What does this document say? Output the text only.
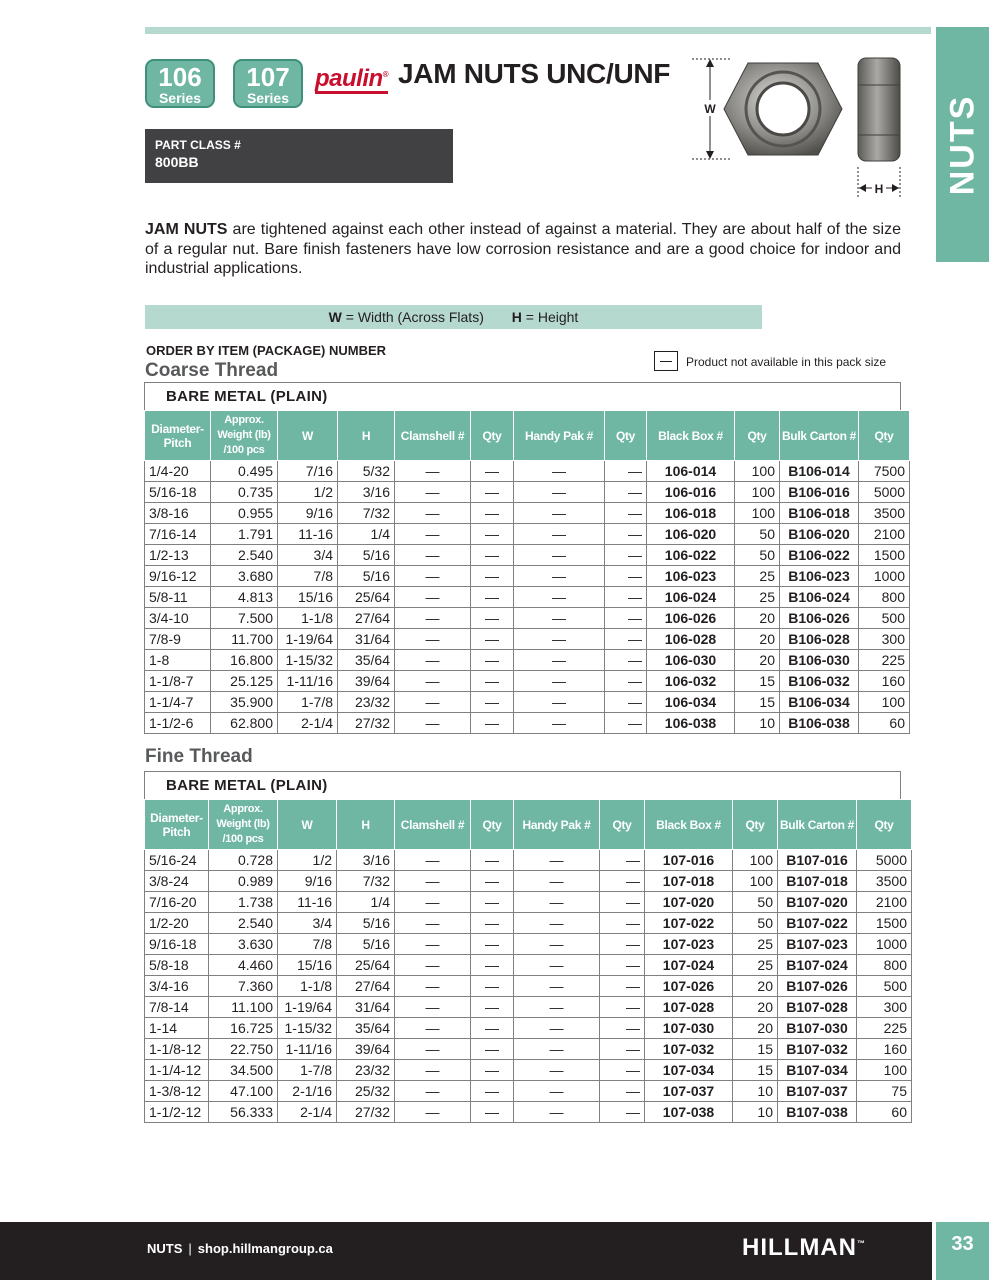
NUTS
106
Series
107
Series
paulin® JAM NUTS UNC/UNF
PART CLASS #
800BB
W
H
JAM NUTS are tightened against each other instead of against a material. They are about half of the size of a regular nut. Bare finish fasteners have low corrosion resistance and are a good choice for indoor and industrial applications.
W = Width (Across Flats) H = Height
ORDER BY ITEM (PACKAGE) NUMBER
Product not available in this pack size
Coarse Thread
BARE METAL (PLAIN)
Diameter-
Pitch	Approx.
Weight (lb)
/100 pcs	W	H	Clamshell #	Qty	Handy Pak #	Qty	Black Box #	Qty	Bulk Carton #	Qty
1/4-20	0.495	7/16	5/32	—	—	—	—	106-014	100	B106-014	7500
5/16-18	0.735	1/2	3/16	—	—	—	—	106-016	100	B106-016	5000
3/8-16	0.955	9/16	7/32	—	—	—	—	106-018	100	B106-018	3500
7/16-14	1.791	11-16	1/4	—	—	—	—	106-020	50	B106-020	2100
1/2-13	2.540	3/4	5/16	—	—	—	—	106-022	50	B106-022	1500
9/16-12	3.680	7/8	5/16	—	—	—	—	106-023	25	B106-023	1000
5/8-11	4.813	15/16	25/64	—	—	—	—	106-024	25	B106-024	800
3/4-10	7.500	1-1/8	27/64	—	—	—	—	106-026	20	B106-026	500
7/8-9	11.700	1-19/64	31/64	—	—	—	—	106-028	20	B106-028	300
1-8	16.800	1-15/32	35/64	—	—	—	—	106-030	20	B106-030	225
1-1/8-7	25.125	1-11/16	39/64	—	—	—	—	106-032	15	B106-032	160
1-1/4-7	35.900	1-7/8	23/32	—	—	—	—	106-034	15	B106-034	100
1-1/2-6	62.800	2-1/4	27/32	—	—	—	—	106-038	10	B106-038	60
Fine Thread
BARE METAL (PLAIN)
Diameter-
Pitch	Approx.
Weight (lb)
/100 pcs	W	H	Clamshell #	Qty	Handy Pak #	Qty	Black Box #	Qty	Bulk Carton #	Qty
5/16-24	0.728	1/2	3/16	—	—	—	—	107-016	100	B107-016	5000
3/8-24	0.989	9/16	7/32	—	—	—	—	107-018	100	B107-018	3500
7/16-20	1.738	11-16	1/4	—	—	—	—	107-020	50	B107-020	2100
1/2-20	2.540	3/4	5/16	—	—	—	—	107-022	50	B107-022	1500
9/16-18	3.630	7/8	5/16	—	—	—	—	107-023	25	B107-023	1000
5/8-18	4.460	15/16	25/64	—	—	—	—	107-024	25	B107-024	800
3/4-16	7.360	1-1/8	27/64	—	—	—	—	107-026	20	B107-026	500
7/8-14	11.100	1-19/64	31/64	—	—	—	—	107-028	20	B107-028	300
1-14	16.725	1-15/32	35/64	—	—	—	—	107-030	20	B107-030	225
1-1/8-12	22.750	1-11/16	39/64	—	—	—	—	107-032	15	B107-032	160
1-1/4-12	34.500	1-7/8	23/32	—	—	—	—	107-034	15	B107-034	100
1-3/8-12	47.100	2-1/16	25/32	—	—	—	—	107-037	10	B107-037	75
1-1/2-12	56.333	2-1/4	27/32	—	—	—	—	107-038	10	B107-038	60
NUTS | shop.hillmangroup.ca	HILLMAN™	33
